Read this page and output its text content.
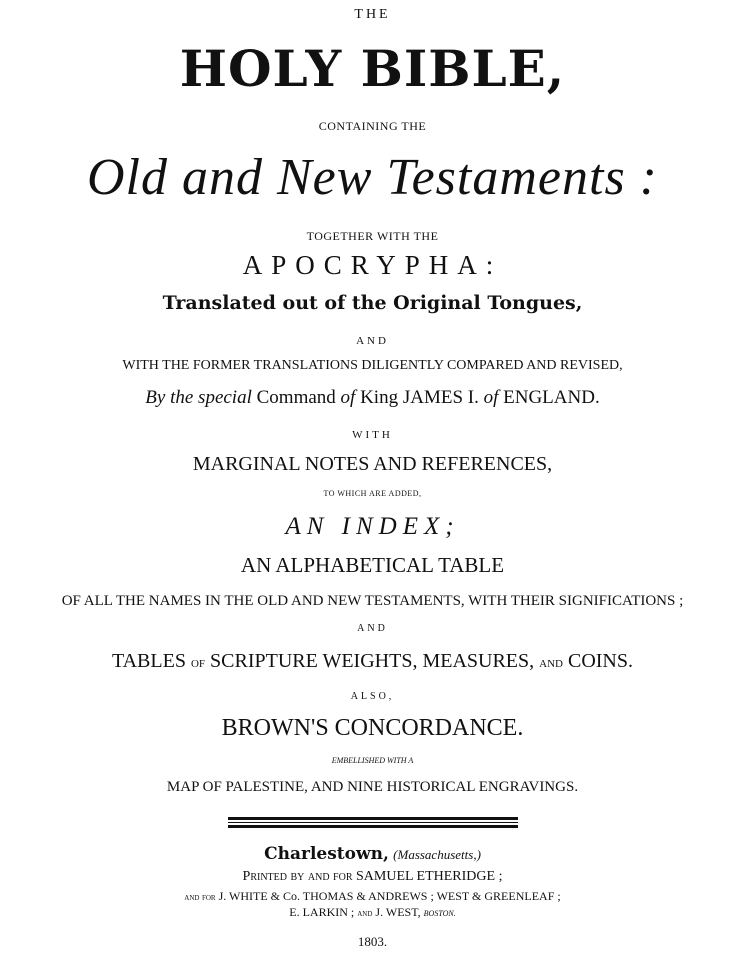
THE
HOLY BIBLE,
CONTAINING THE
Old and New Testaments :
TOGETHER WITH THE
APOCRYPHA:
Translated out of the Original Tongues,
AND
WITH THE FORMER TRANSLATIONS DILIGENTLY COMPARED AND REVISED,
By the special Command of King JAMES I. of ENGLAND.
WITH
MARGINAL NOTES AND REFERENCES,
TO WHICH ARE ADDED,
AN INDEX;
AN ALPHABETICAL TABLE
OF ALL THE NAMES IN THE OLD AND NEW TESTAMENTS, WITH THEIR SIGNIFICATIONS ;
AND
TABLES of SCRIPTURE WEIGHTS, MEASURES, and COINS.
ALSO,
BROWN'S CONCORDANCE.
EMBELLISHED WITH A
MAP OF PALESTINE, AND NINE HISTORICAL ENGRAVINGS.
Charlestown, (Massachusetts,)
Printed by and for SAMUEL ETHERIDGE ;
and for J. WHITE & Co. THOMAS & ANDREWS ; WEST & GREENLEAF ;
E. LARKIN ; and J. WEST, BOSTON.
1803.
